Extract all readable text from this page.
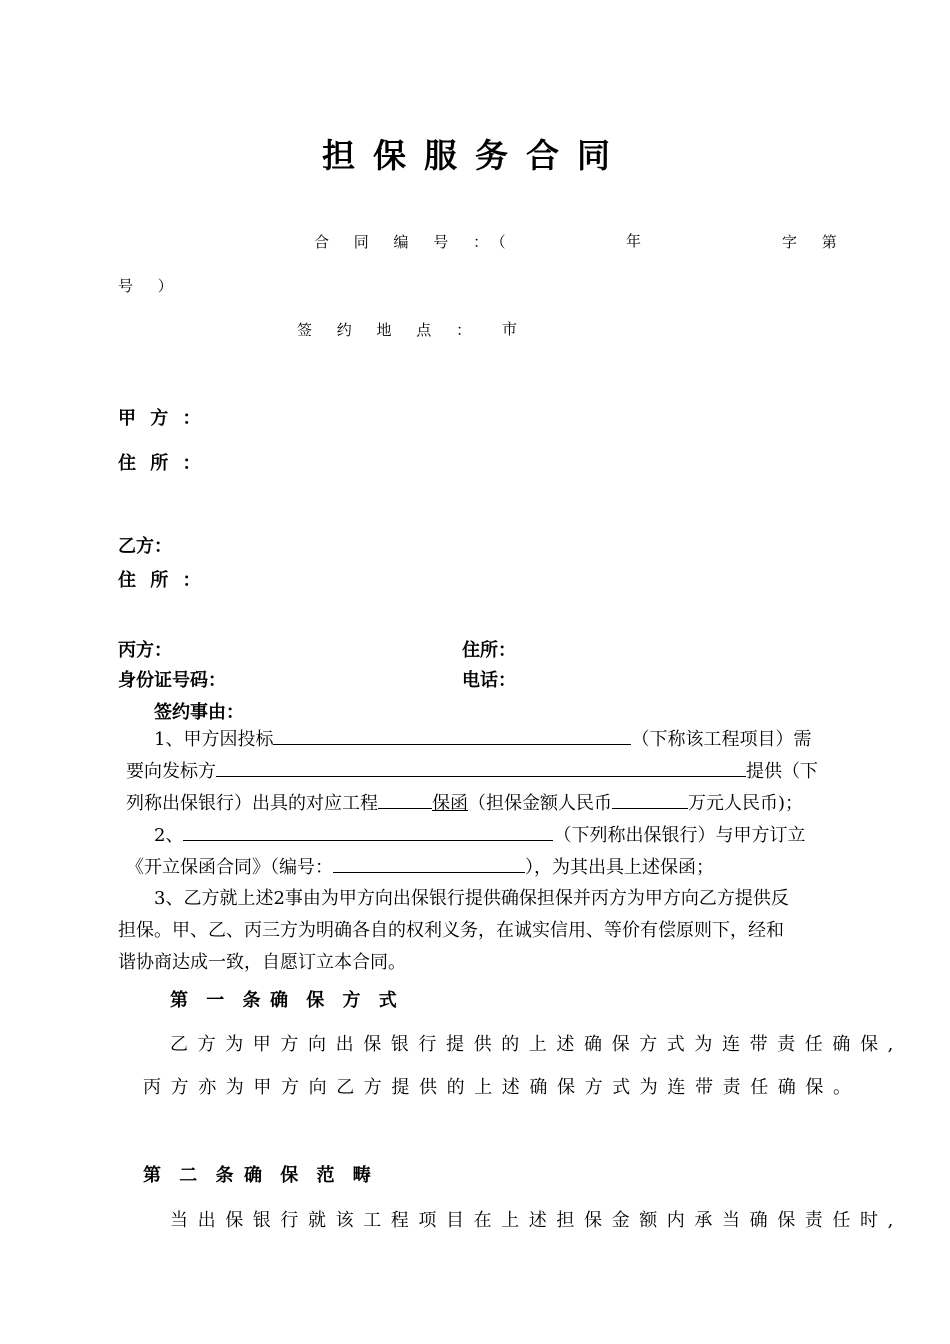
担保服务合同
合 同 编 号 ：（	年	字 第
号 ）
签 约 地 点 ： 市
甲 方 ：
住 所 ：
乙方：
住 所 ：
丙方：	住所：
身份证号码：	电话：
签约事由：
1、甲方因投标	（下称该工程项目）需
要向发标方	提供（下
列称出保银行）出具的对应工程	保函（担保金额人民币	万元人民币)；
2、	（下列称出保银行）与甲方订立
《开立保函合同》（编号：	），为其出具上述保函；
3、乙方就上述2事由为甲方向出保银行提供确保担保并丙方为甲方向乙方提供反
担保。甲、乙、丙三方为明确各自的权利义务，在诚实信用、等价有偿原则下，经和
谐协商达成一致，自愿订立本合同。
第 一 条 确 保 方 式
乙方为甲方向出保银行提供的上述确保方式为连带责任确保,
丙方亦为甲方向乙方提供的上述确保方式为连带责任确保。
第 二 条 确 保 范 畴
当出保银行就该工程项目在上述担保金额内承当确保责任时,
